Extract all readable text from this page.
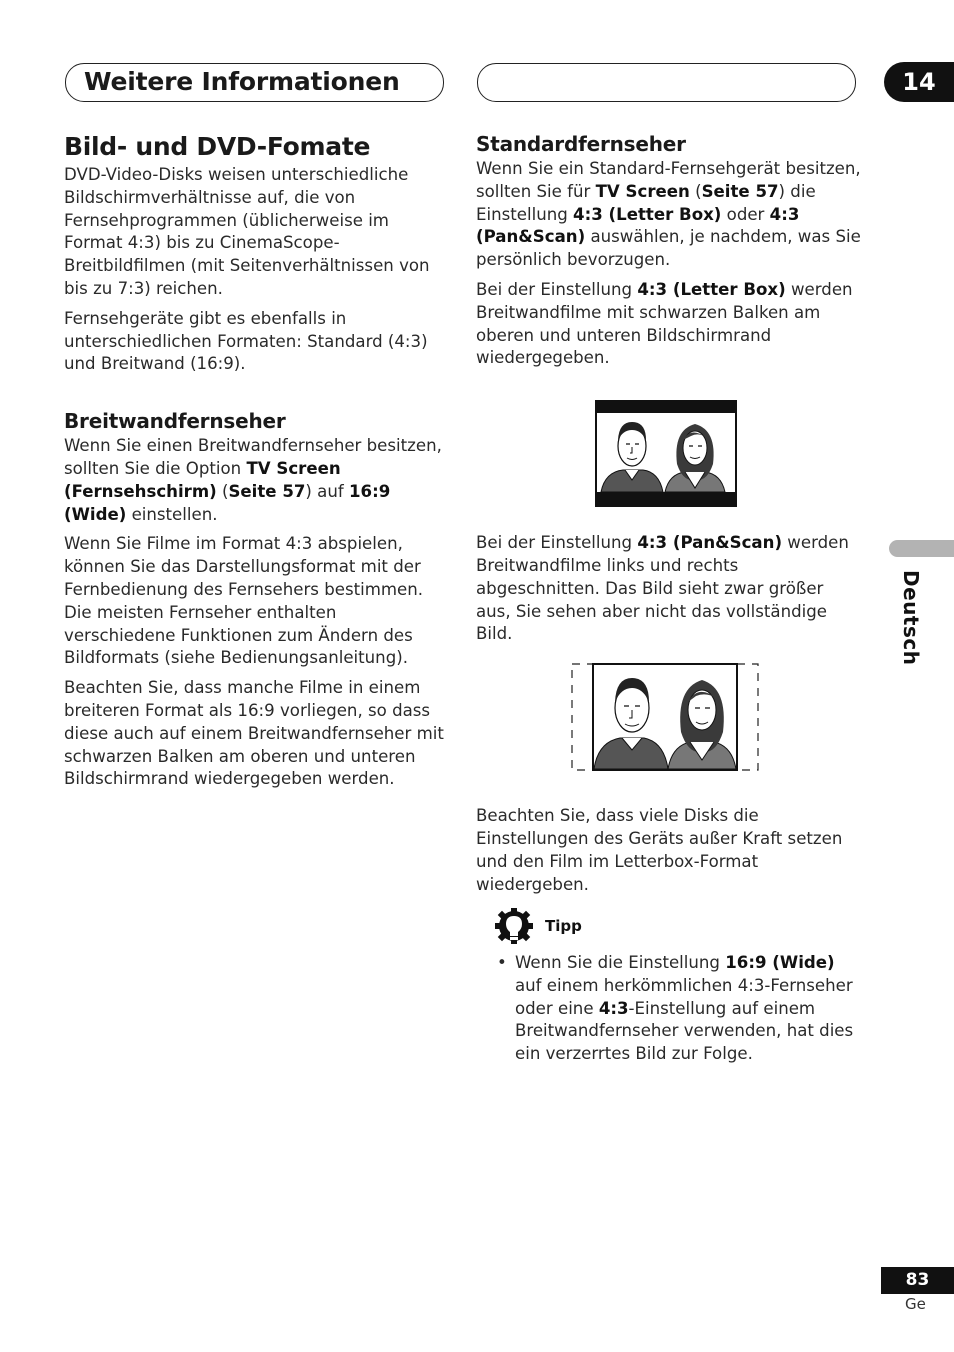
Weitere Informationen	14
Bild- und DVD-Fomate

DVD-Video-Disks weisen unterschiedliche Bildschirmverhältnisse auf, die von Fernsehprogrammen (üblicherweise im Format 4:3) bis zu CinemaScope-Breitbildfilmen (mit Seitenverhältnissen von bis zu 7:3) reichen.

Fernsehgeräte gibt es ebenfalls in unterschiedlichen Formaten: Standard (4:3) und Breitwand (16:9).

Breitwandfernseher

Wenn Sie einen Breitwandfernseher besitzen, sollten Sie die Option TV Screen (Fernsehschirm) (Seite 57) auf 16:9 (Wide) einstellen.

Wenn Sie Filme im Format 4:3 abspielen, können Sie das Darstellungsformat mit der Fernbedienung des Fernsehers bestimmen. Die meisten Fernseher enthalten verschiedene Funktionen zum Ändern des Bildformats (siehe Bedienungsanleitung).

Beachten Sie, dass manche Filme in einem breiteren Format als 16:9 vorliegen, so dass diese auch auf einem Breitwandfernseher mit schwarzen Balken am oberen und unteren Bildschirmrand wiedergegeben werden.

Standardfernseher

Wenn Sie ein Standard-Fernsehgerät besitzen, sollten Sie für TV Screen (Seite 57) die Einstellung 4:3 (Letter Box) oder 4:3 (Pan&Scan) auswählen, je nachdem, was Sie persönlich bevorzugen.

Bei der Einstellung 4:3 (Letter Box) werden Breitwandfilme mit schwarzen Balken am oberen und unteren Bildschirmrand wiedergegeben.

Bei der Einstellung 4:3 (Pan&Scan) werden Breitwandfilme links und rechts abgeschnitten. Das Bild sieht zwar größer aus, Sie sehen aber nicht das vollständige Bild.

Beachten Sie, dass viele Disks die Einstellungen des Geräts außer Kraft setzen und den Film im Letterbox-Format wiedergeben.

Tipp
• Wenn Sie die Einstellung 16:9 (Wide) auf einem herkömmlichen 4:3-Fernseher oder eine 4:3-Einstellung auf einem Breitwandfernseher verwenden, hat dies ein verzerrtes Bild zur Folge.
Deutsch
83
Ge
